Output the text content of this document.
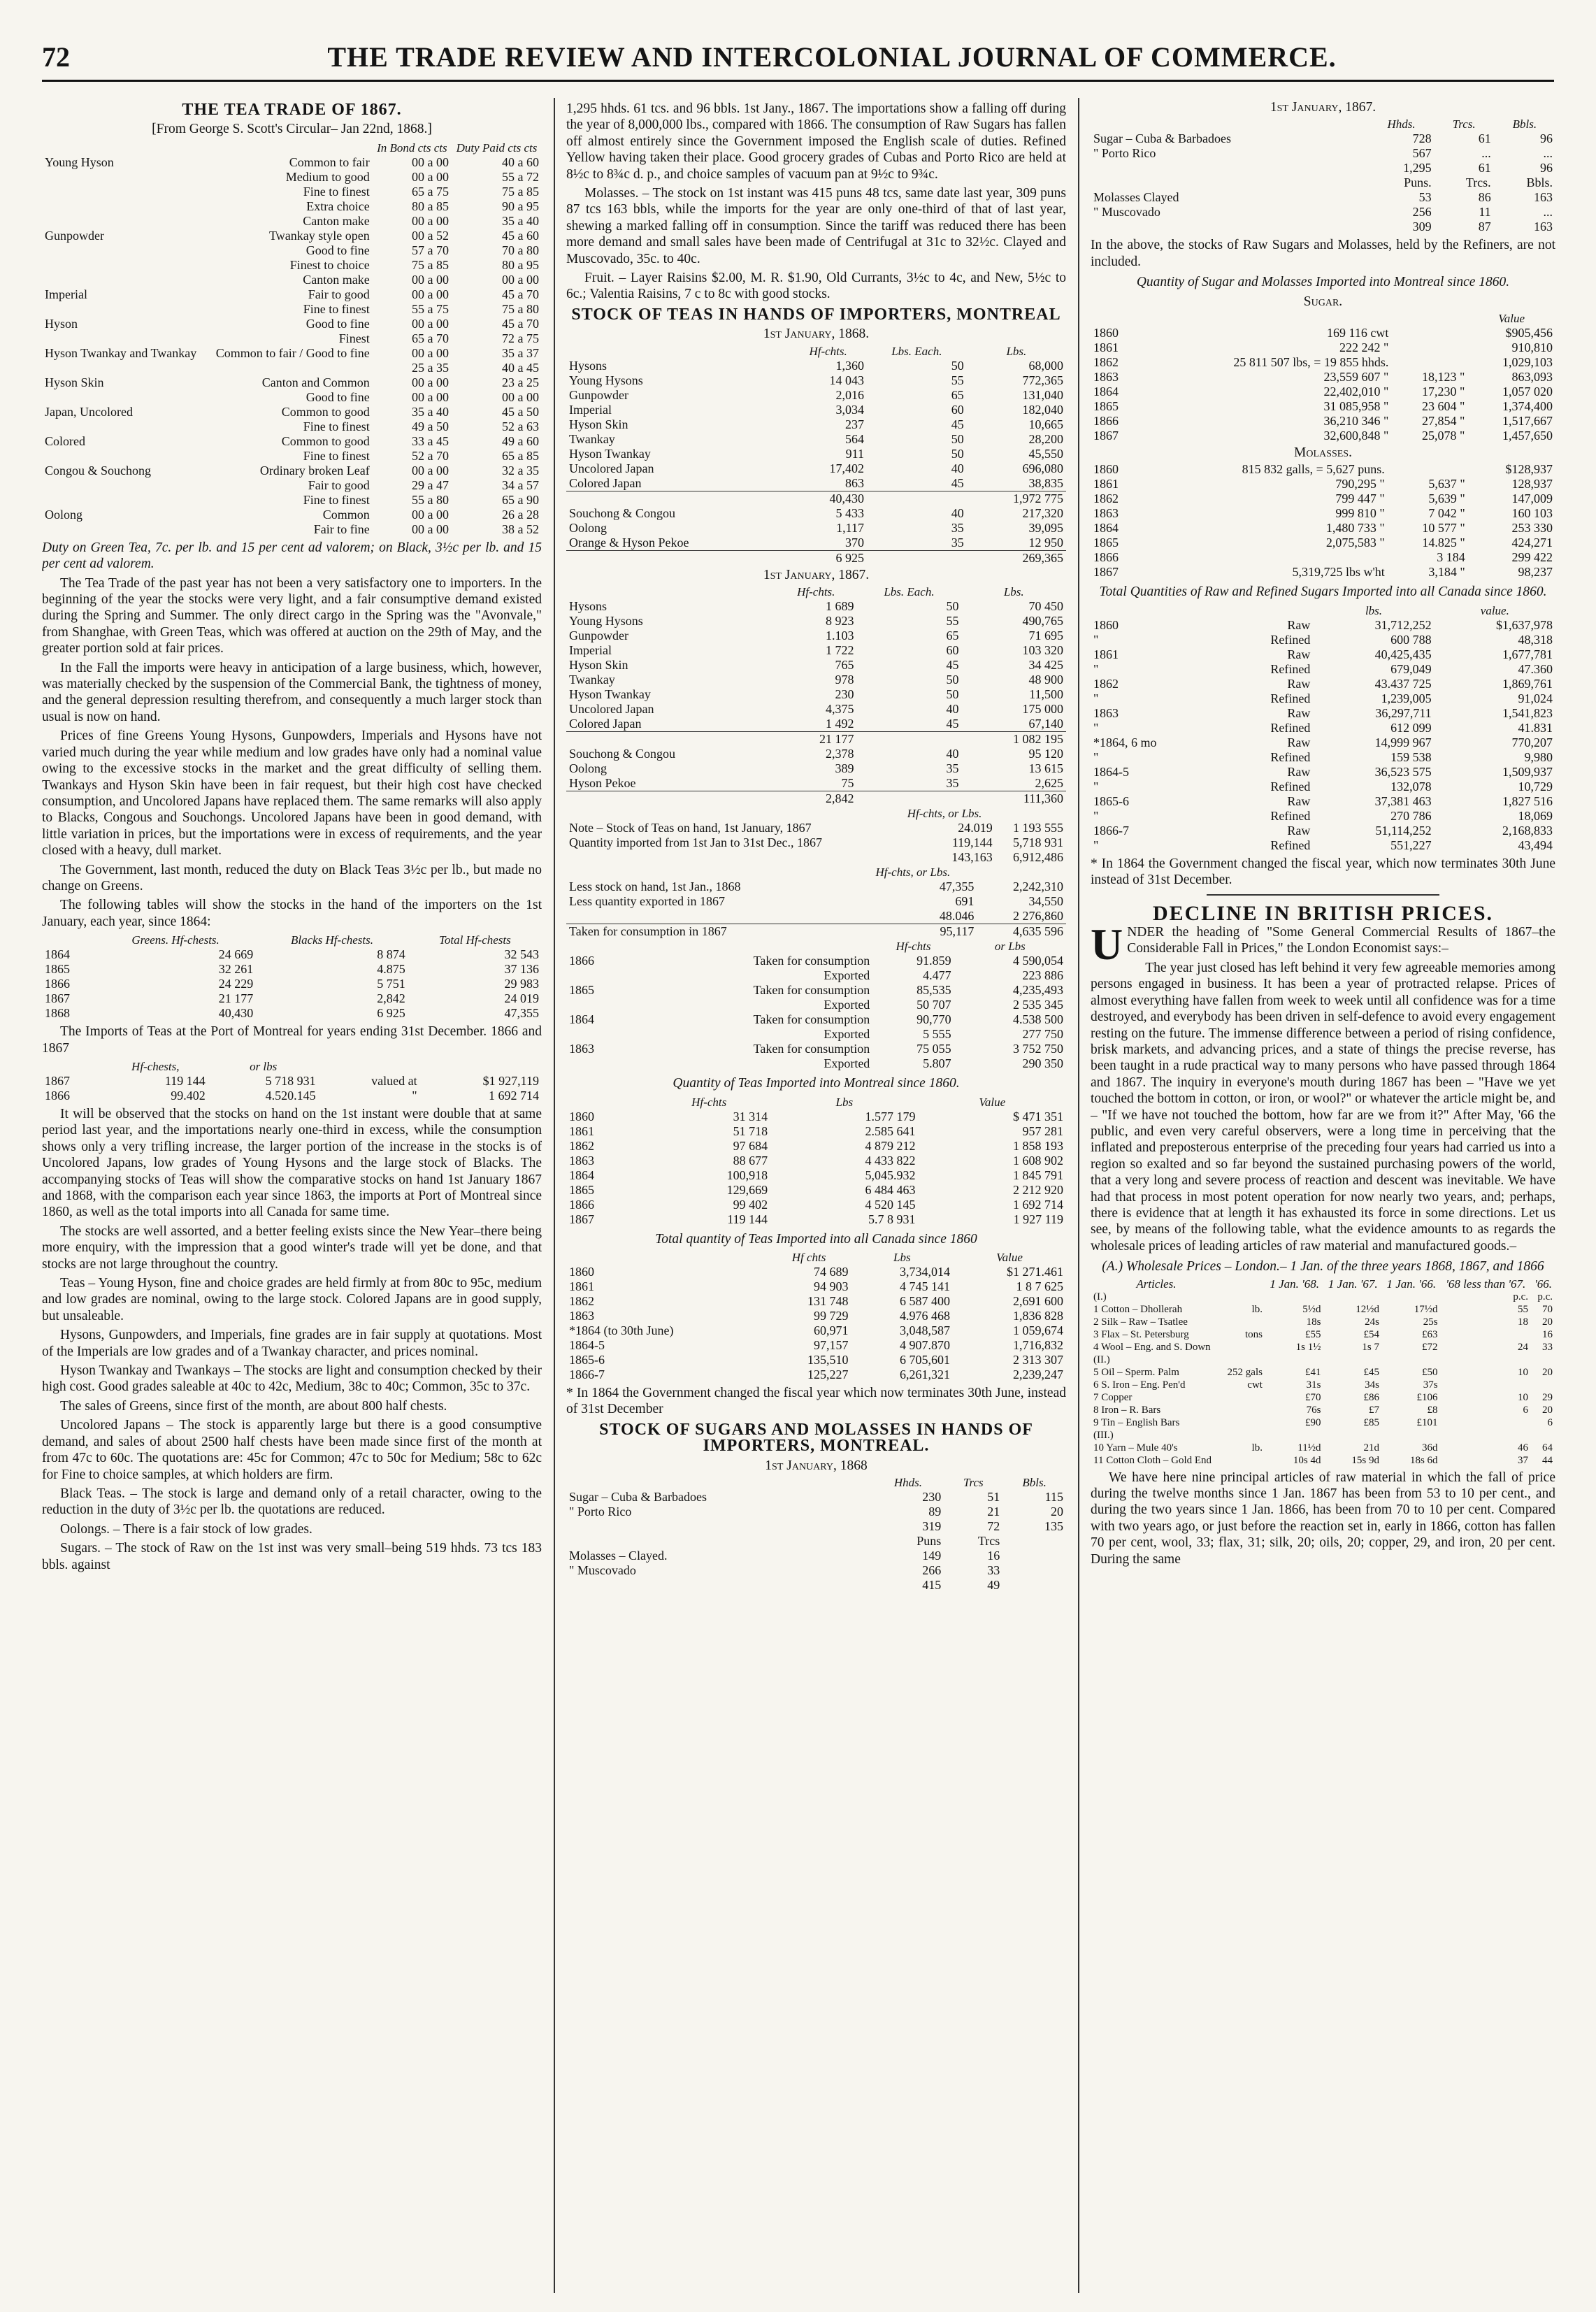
72	THE TRADE REVIEW AND INTERCOLONIAL JOURNAL OF COMMERCE.
THE TEA TRADE OF 1867.
[From George S. Scott's Circular– Jan 22nd, 1868.]
		In Bond cts cts	Duty Paid cts cts
Young Hyson	Common to fair	00 a 00	40 a 60
	Medium to good	00 a 00	55 a 72
	Fine to finest	65 a 75	75 a 85
	Extra choice	80 a 85	90 a 95
	Canton make	00 a 00	35 a 40
Gunpowder	Twankay style open	00 a 52	45 a 60
	Good to fine	57 a 70	70 a 80
	Finest to choice	75 a 85	80 a 95
	Canton make	00 a 00	00 a 00
Imperial	Fair to good	00 a 00	45 a 70
	Fine to finest	55 a 75	75 a 80
Hyson	Good to fine	00 a 00	45 a 70
	Finest	65 a 70	72 a 75
Hyson Twankay and Twankay	Common to fair / Good to fine	00 a 00	35 a 37
		25 a 35	40 a 45
Hyson Skin	Canton and Common	00 a 00	23 a 25
	Good to fine	00 a 00	00 a 00
Japan, Uncolored	Common to good	35 a 40	45 a 50
	Fine to finest	49 a 50	52 a 63
Colored	Common to good	33 a 45	49 a 60
	Fine to finest	52 a 70	65 a 85
Congou & Souchong	Ordinary broken Leaf	00 a 00	32 a 35
	Fair to good	29 a 47	34 a 57
	Fine to finest	55 a 80	65 a 90
Oolong	Common	00 a 00	26 a 28
	Fair to fine	00 a 00	38 a 52

Duty on Green Tea, 7c. per lb. and 15 per cent ad valorem; on Black, 3½c per lb. and 15 per cent ad valorem.

The Tea Trade of the past year has not been a very satisfactory one to importers. In the beginning of the year the stocks were very light, and a fair consumptive demand existed during the Spring and Summer. The only direct cargo in the Spring was the "Avonvale," from Shanghae, with Green Teas, which was offered at auction on the 29th of May, and the greater portion sold at fair prices.

In the Fall the imports were heavy in anticipation of a large business, which, however, was materially checked by the suspension of the Commercial Bank, the tightness of money, and the general depression resulting therefrom, and consequently a much larger stock than usual is now on hand.

Prices of fine Greens Young Hysons, Gunpowders, Imperials and Hysons have not varied much during the year while medium and low grades have only had a nominal value owing to the excessive stocks in the market and the great difficulty of selling them. Twankays and Hyson Skin have been in fair request, but their high cost have checked consumption, and Uncolored Japans have replaced them. The same remarks will also apply to Blacks, Congous and Souchongs. Uncolored Japans have been in good demand, with little variation in prices, but the importations were in excess of requirements, and the year closed with a heavy, dull market.

The Government, last month, reduced the duty on Black Teas 3½c per lb., but made no change on Greens.

The following tables will show the stocks in the hand of the importers on the 1st January, each year, since 1864:

	Greens. Hf-chests.	Blacks Hf-chests.	Total Hf-chests
1864	24 669	8 874	32 543
1865	32 261	4.875	37 136
1866	24 229	5 751	29 983
1867	21 177	2,842	24 019
1868	40,430	6 925	47,355

The Imports of Teas at the Port of Montreal for years ending 31st December. 1866 and 1867

	Hf-chests,	or lbs		
1867	119 144	5 718 931	valued at	$1 927,119
1866	99.402	4.520.145	"	1 692 714

It will be observed that the stocks on hand on the 1st instant were double that at same period last year, and the importations nearly one-third in excess, while the consumption shows only a very trifling increase, the larger portion of the increase in the stocks is of Uncolored Japans, low grades of Young Hysons and the large stock of Blacks. The accompanying stocks of Teas will show the comparative stocks on hand 1st January 1867 and 1868, with the comparison each year since 1863, the imports at Port of Montreal since 1860, as well as the total imports into all Canada for same time.

The stocks are well assorted, and a better feeling exists since the New Year–there being more enquiry, with the impression that a good winter's trade will yet be done, and that stocks are not large throughout the country.

Teas – Young Hyson, fine and choice grades are held firmly at from 80c to 95c, medium and low grades are nominal, owing to the large stock. Colored Japans are in good supply, but unsaleable.

Hysons, Gunpowders, and Imperials, fine grades are in fair supply at quotations. Most of the Imperials are low grades and of a Twankay character, and prices nominal.

Hyson Twankay and Twankays – The stocks are light and consumption checked by their high cost. Good grades saleable at 40c to 42c, Medium, 38c to 40c; Common, 35c to 37c.

The sales of Greens, since first of the month, are about 800 half chests.

Uncolored Japans – The stock is apparently large but there is a good consumptive demand, and sales of about 2500 half chests have been made since first of the month at from 47c to 60c. The quotations are: 45c for Common; 47c to 50c for Medium; 58c to 62c for Fine to choice samples, at which holders are firm.

Black Teas. – The stock is large and demand only of a retail character, owing to the reduction in the duty of 3½c per lb. the quotations are reduced.

Oolongs. – There is a fair stock of low grades.

Sugars. – The stock of Raw on the 1st inst was very small–being 519 hhds. 73 tcs 183 bbls. against

1,295 hhds. 61 tcs. and 96 bbls. 1st Jany., 1867. The importations show a falling off during the year of 8,000,000 lbs., compared with 1866. The consumption of Raw Sugars has fallen off almost entirely since the Government imposed the English scale of duties. Refined Yellow having taken their place. Good grocery grades of Cubas and Porto Rico are held at 8½c to 8¾c d. p., and choice samples of vacuum pan at 9½c to 9¾c.

Molasses. – The stock on 1st instant was 415 puns 48 tcs, same date last year, 309 puns 87 tcs 163 bbls, while the imports for the year are only one-third of that of last year, shewing a marked falling off in consumption. Since the tariff was reduced there has been more demand and small sales have been made of Centrifugal at 31c to 32½c. Clayed and Muscovado, 35c. to 40c.

Fruit. – Layer Raisins $2.00, M. R. $1.90, Old Currants, 3½c to 4c, and New, 5½c to 6c.; Valentia Raisins, 7 c to 8c with good stocks.

STOCK OF TEAS IN HANDS OF IMPORTERS, MONTREAL
1st January, 1868.
	Hf-chts.	Lbs. Each.	Lbs.
Hysons	1,360	50	68,000
Young Hysons	14 043	55	772,365
Gunpowder	2,016	65	131,040
Imperial	3,034	60	182,040
Hyson Skin	237	45	10,665
Twankay	564	50	28,200
Hyson Twankay	911	50	45,550
Uncolored Japan	17,402	40	696,080
Colored Japan	863	45	38,835
	40,430		1,972 775
Souchong & Congou	5 433	40	217,320
Oolong	1,117	35	39,095
Orange & Hyson Pekoe	370	35	12 950
	6 925		269,365
1st January, 1867.
	Hf-chts.	Lbs. Each.	Lbs.
Hysons	1 689	50	70 450
Young Hysons	8 923	55	490,765
Gunpowder	1.103	65	71 695
Imperial	1 722	60	103 320
Hyson Skin	765	45	34 425
Twankay	978	50	48 900
Hyson Twankay	230	50	11,500
Uncolored Japan	4,375	40	175 000
Colored Japan	1 492	45	67,140
	21 177		1 082 195
Souchong & Congou	2,378	40	95 120
Oolong	389	35	13 615
Hyson Pekoe	75	35	2,625
	2,842		111,360
	Hf-chts, or Lbs.	
Note – Stock of Teas on hand, 1st January, 1867	24.019	1 193 555
Quantity imported from 1st Jan to 31st Dec., 1867	119,144	5,718 931
	143,163	6,912,486
	Hf-chts, or Lbs.	
Less stock on hand, 1st Jan., 1868	47,355	2,242,310
Less quantity exported in 1867	691	34,550
	48.046	2 276,860
Taken for consumption in 1867	95,117	4,635 596
		Hf-chts	or Lbs
1866	Taken for consumption	91.859	4 590,054
	Exported	4.477	223 886
1865	Taken for consumption	85,535	4,235,493
	Exported	50 707	2 535 345
1864	Taken for consumption	90,770	4.538 500
	Exported	5 555	277 750
1863	Taken for consumption	75 055	3 752 750
	Exported	5.807	290 350
Quantity of Teas Imported into Montreal since 1860.
	Hf-chts	Lbs	Value
1860	31 314	1.577 179	$ 471 351
1861	51 718	2.585 641	957 281
1862	97 684	4 879 212	1 858 193
1863	88 677	4 433 822	1 608 902
1864	100,918	5,045.932	1 845 791
1865	129,669	6 484 463	2 212 920
1866	99 402	4 520 145	1 692 714
1867	119 144	5.7 8 931	1 927 119
Total quantity of Teas Imported into all Canada since 1860
	Hf chts	Lbs	Value
1860	74 689	3,734,014	$1 271.461
1861	94 903	4 745 141	1 8 7 625
1862	131 748	6 587 400	2,691 600
1863	99 729	4.976 468	1,836 828
*1864 (to 30th June)	60,971	3,048,587	1 059,674
1864-5	97,157	4 907.870	1,716,832
1865-6	135,510	6 705,601	2 313 307
1866-7	125,227	6,261,321	2,239,247

* In 1864 the Government changed the fiscal year which now terminates 30th June, instead of 31st December

STOCK OF SUGARS AND MOLASSES IN HANDS OF IMPORTERS, MONTREAL.
1st January, 1868
	Hhds.	Trcs	Bbls.
Sugar – Cuba & Barbadoes	230	51	115
" Porto Rico	89	21	20
	319	72	135
	Puns	Trcs	
Molasses – Clayed.	149	16	
" Muscovado	266	33	
	415	49	
1st January, 1867.
	Hhds.	Trcs.	Bbls.
Sugar – Cuba & Barbadoes	728	61	96
" Porto Rico	567	...	...
	1,295	61	96
	Puns.	Trcs.	Bbls.
Molasses Clayed	53	86	163
" Muscovado	256	11	...
	309	87	163

In the above, the stocks of Raw Sugars and Molasses, held by the Refiners, are not included.

Quantity of Sugar and Molasses Imported into Montreal since 1860.
Sugar.
			Value
1860	169 116 cwt		$905,456
1861	222 242 "		910,810
1862	25 811 507 lbs, = 19 855 hhds.		1,029,103
1863	23,559 607 "	18,123 "	863,093
1864	22,402,010 "	17,230 "	1,057 020
1865	31 085,958 "	23 604 "	1,374,400
1866	36,210 346 "	27,854 "	1,517,667
1867	32,600,848 "	25,078 "	1,457,650
Molasses.
1860	815 832 galls, = 5,627 puns.		$128,937
1861	790,295 "	5,637 "	128,937
1862	799 447 "	5,639 "	147,009
1863	999 810 "	7 042 "	160 103
1864	1,480 733 "	10 577 "	253 330
1865	2,075,583 "	14.825 "	424,271
1866		3 184	299 422
1867	5,319,725 lbs w'ht	3,184 "	98,237
Total Quantities of Raw and Refined Sugars Imported into all Canada since 1860.
		lbs.	value.
1860	Raw	31,712,252	$1,637,978
"	Refined	600 788	48,318
1861	Raw	40,425,435	1,677,781
"	Refined	679,049	47.360
1862	Raw	43.437 725	1,869,761
"	Refined	1,239,005	91,024
1863	Raw	36,297,711	1,541,823
"	Refined	612 099	41.831
*1864, 6 mo	Raw	14,999 967	770,207
"	Refined	159 538	9,980
1864-5	Raw	36,523 575	1,509,937
"	Refined	132,078	10,729
1865-6	Raw	37,381 463	1,827 516
"	Refined	270 786	18,069
1866-7	Raw	51,114,252	2,168,833
"	Refined	551,227	43,494

* In 1864 the Government changed the fiscal year, which now terminates 30th June instead of 31st December.

DECLINE IN BRITISH PRICES.

UNDER the heading of "Some General Commercial Results of 1867–the Considerable Fall in Prices," the London Economist says:–

The year just closed has left behind it very few agreeable memories among persons engaged in business. It has been a year of protracted relapse. Prices of almost everything have fallen from week to week until all confidence was for a time destroyed, and everybody has been driven in self-defence to avoid every engagement resting on the future. The immense difference between a period of rising confidence, brisk markets, and advancing prices, and a state of things the precise reverse, has been taught in a rude practical way to many persons who have passed through 1864 and 1867. The inquiry in everyone's mouth during 1867 has been – "Have we yet touched the bottom in cotton, or iron, or wool?" or whatever the article might be, and – "If we have not touched the bottom, how far are we from it?" After May, '66 the public, and even very careful observers, were a long time in perceiving that the inflated and preposterous enterprise of the preceding four years had carried us into a region so exalted and so far beyond the sustained purchasing powers of the world, that a very long and severe process of reaction and descent was inevitable. We have had that process in most potent operation for now nearly two years, and; perhaps, there is evidence that at length it has exhausted its force in some directions. Let us see, by means of the following table, what the evidence amounts to as regards the wholesale prices of leading articles of raw material and manufactured goods.–

(A.) Wholesale Prices – London.– 1 Jan. of the three years 1868, 1867, and 1866
Articles.		1 Jan. '68.	1 Jan. '67.	1 Jan. '66.	'68 less than '67.	'66.
(I.)					p.c.	p.c.
1 Cotton – Dhollerah	lb.	5½d	12½d	17½d	55	70
2 Silk – Raw – Tsatlee		18s	24s	25s	18	20
3 Flax – St. Petersburg	tons	£55	£54	£63		16
4 Wool – Eng. and S. Down		1s 1½	1s 7	£72	24	33
(II.)						
5 Oil – Sperm. Palm	252 gals	£41	£45	£50	10	20
6 S. Iron – Eng. Pen'd	cwt	31s	34s	37s		
7 Copper		£70	£86	£106	10	29
8 Iron – R. Bars		76s	£7	£8	6	20
9 Tin – English Bars		£90	£85	£101		6
(III.)						
10 Yarn – Mule 40's	lb.	11½d	21d	36d	46	64
11 Cotton Cloth – Gold End		10s 4d	15s 9d	18s 6d	37	44

We have here nine principal articles of raw material in which the fall of price during the twelve months since 1 Jan. 1867 has been from 53 to 10 per cent., and during the two years since 1 Jan. 1866, has been from 70 to 10 per cent. Compared with two years ago, or just before the reaction set in, early in 1866, cotton has fallen 70 per cent, wool, 33; flax, 31; silk, 20; oils, 20; copper, 29, and iron, 20 per cent. During the same
